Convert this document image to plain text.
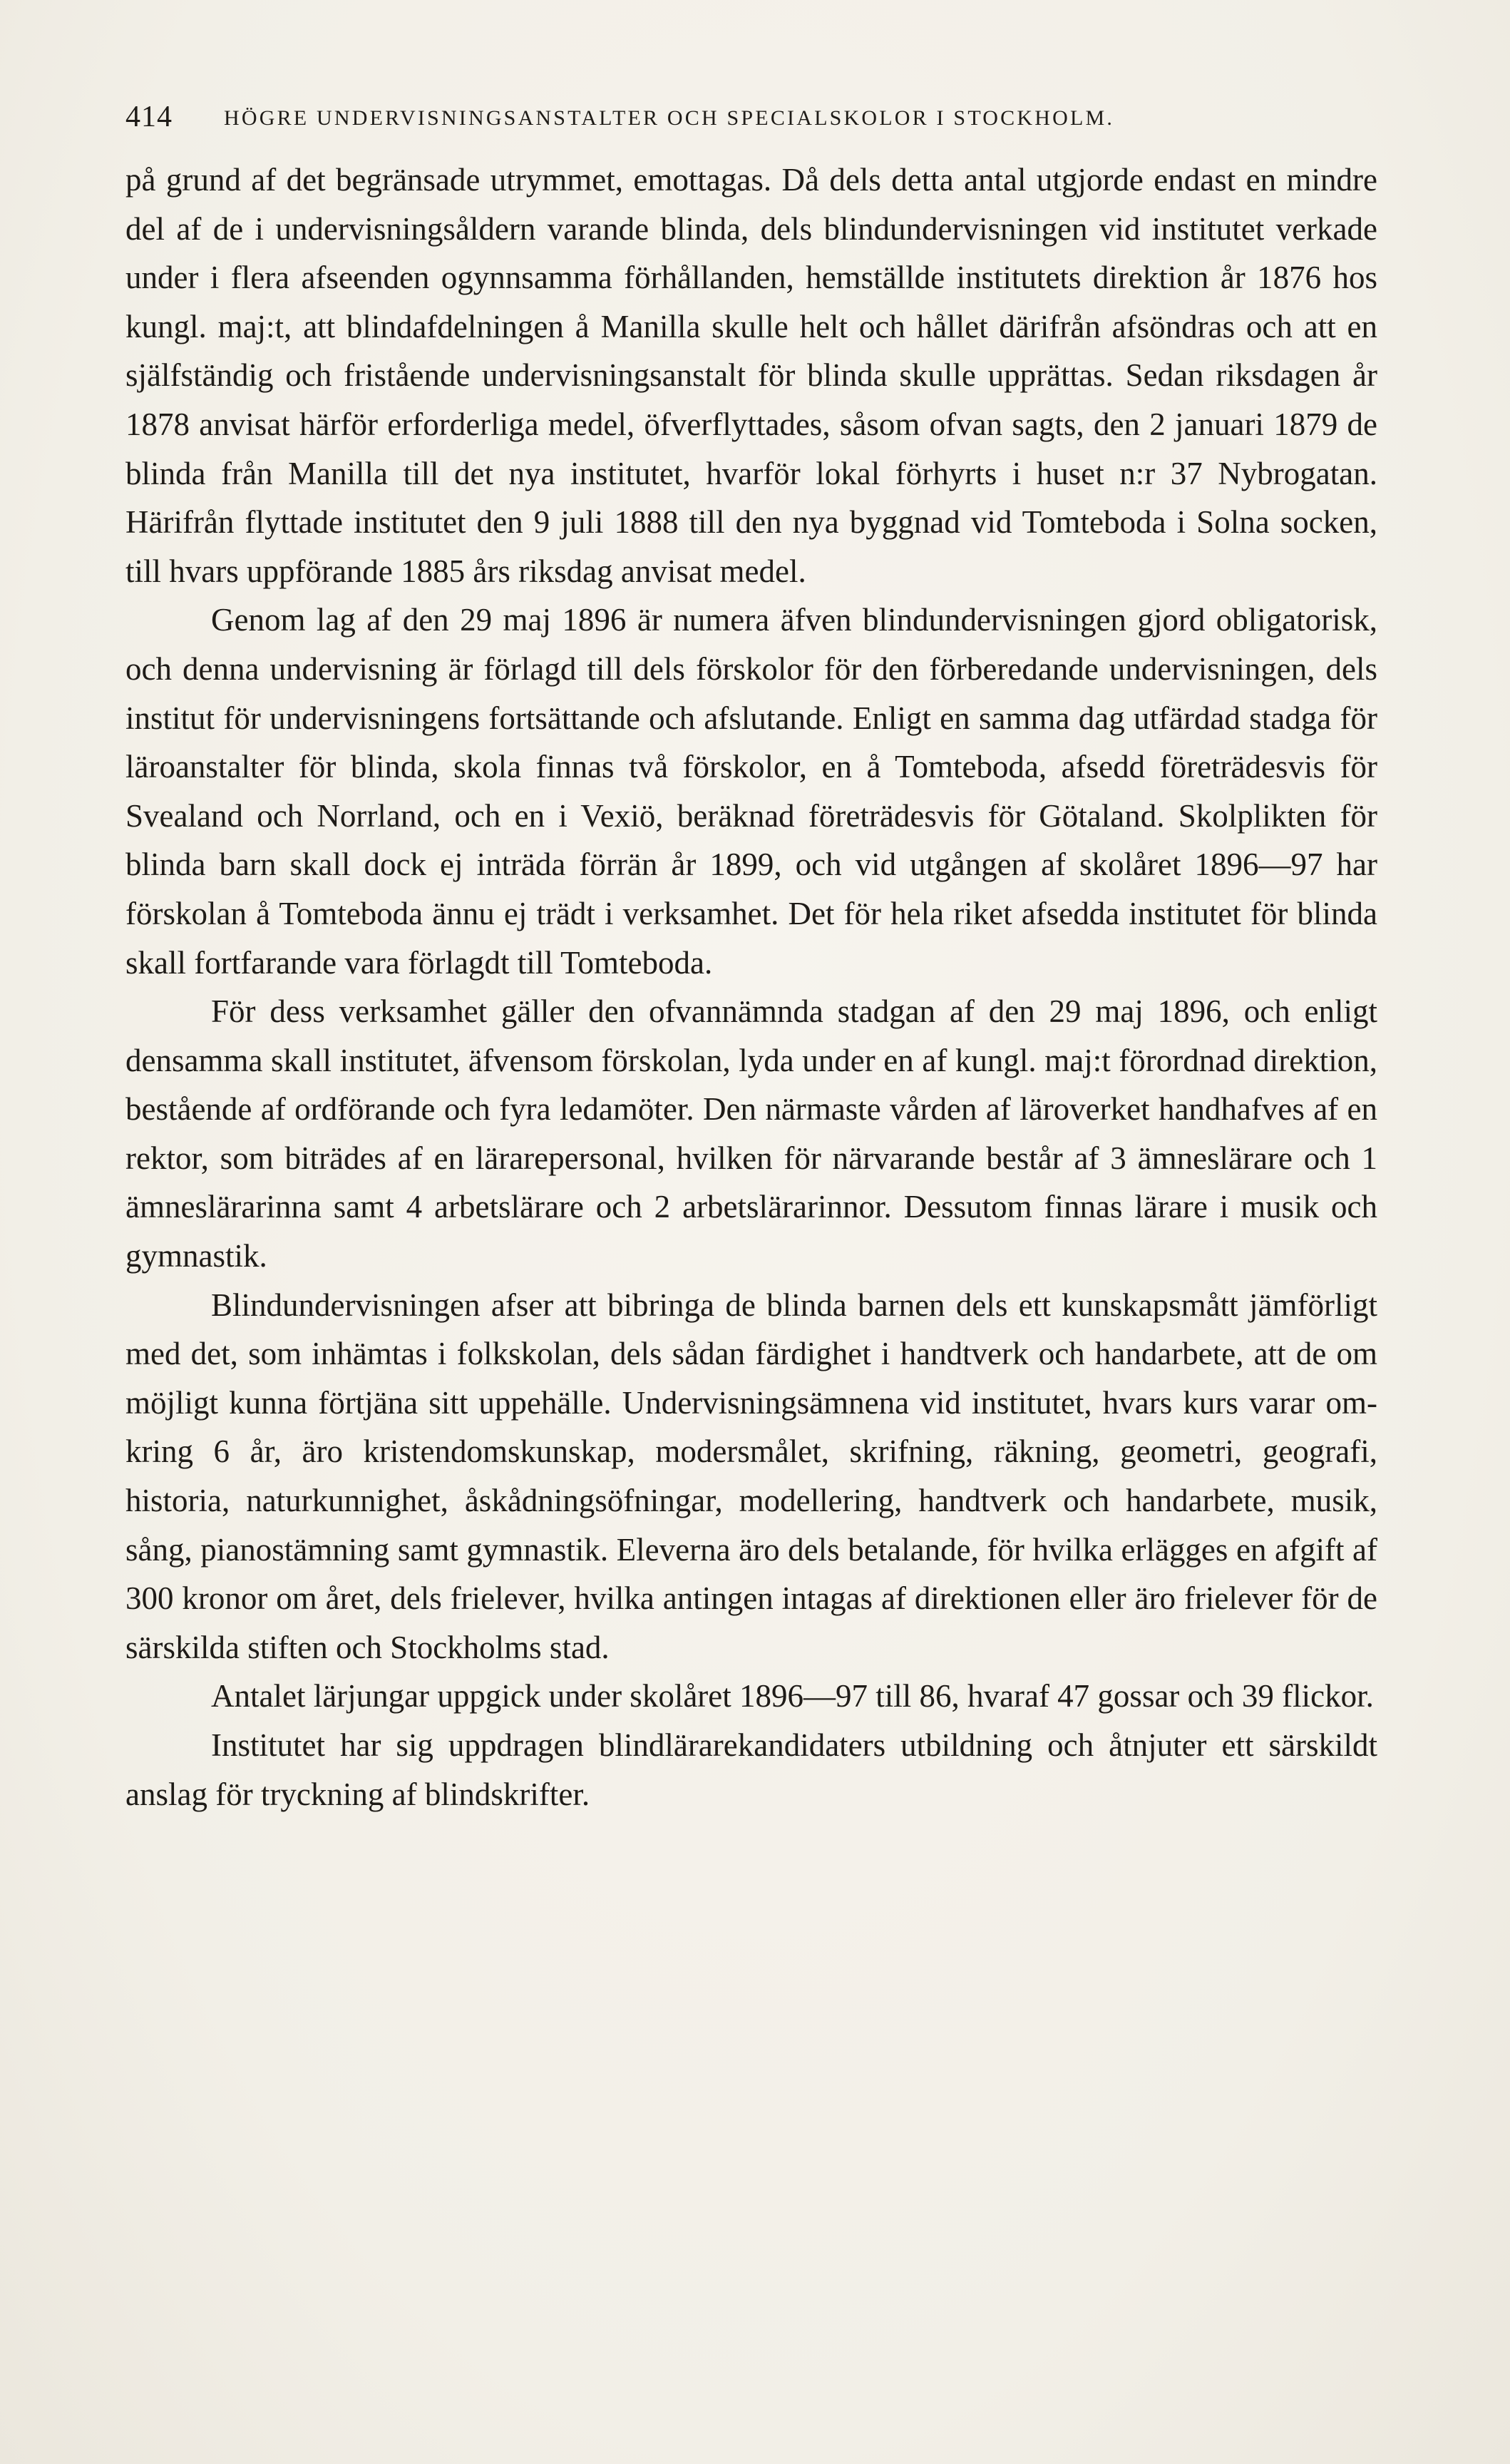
414 HÖGRE UNDERVISNINGSANSTALTER OCH SPECIALSKOLOR I STOCKHOLM.

på grund af det begränsade utrymmet, emottagas. Då dels detta antal utgjorde endast en mindre del af de i undervisningsåldern varande blinda, dels blindundervisningen vid institutet verkade under i flera afseenden ogynnsamma förhållanden, hemställde institutets direktion år 1876 hos kungl. maj:t, att blindafdelningen å Manilla skulle helt och hållet därifrån afsöndras och att en själfständig och fristående undervisningsanstalt för blinda skulle upprättas. Sedan riksdagen år 1878 anvisat härför erforderliga medel, öfverflyttades, såsom ofvan sagts, den 2 januari 1879 de blinda från Manilla till det nya institutet, hvarför lokal förhyrts i huset n:r 37 Nybrogatan. Härifrån flyttade institutet den 9 juli 1888 till den nya byggnad vid Tomteboda i Solna socken, till hvars uppförande 1885 års riksdag anvisat medel.

Genom lag af den 29 maj 1896 är numera äfven blindundervisningen gjord obligatorisk, och denna undervisning är förlagd till dels förskolor för den förberedande undervisningen, dels institut för undervisningens fortsättande och afslutande. Enligt en samma dag utfärdad stadga för läroanstalter för blinda, skola finnas två förskolor, en å Tomteboda, afsedd företrädesvis för Svealand och Norrland, och en i Vexiö, beräknad företrädesvis för Götaland. Skolplikten för blinda barn skall dock ej inträda förrän år 1899, och vid utgången af skolåret 1896—97 har förskolan å Tomteboda ännu ej trädt i verksamhet. Det för hela riket afsedda institutet för blinda skall fortfarande vara förlagdt till Tomteboda.

För dess verksamhet gäller den ofvannämnda stadgan af den 29 maj 1896, och enligt densamma skall institutet, äfvensom förskolan, lyda under en af kungl. maj:t förordnad direktion, bestående af ordförande och fyra ledamöter. Den närmaste vården af läroverket handhafves af en rektor, som biträdes af en lärarepersonal, hvilken för närvarande består af 3 ämneslärare och 1 ämneslärarinna samt 4 arbetslärare och 2 arbetslärarinnor. Dessutom finnas lärare i musik och gymnastik.

Blindundervisningen afser att bibringa de blinda barnen dels ett kunskapsmått jämförligt med det, som inhämtas i folkskolan, dels sådan färdighet i handtverk och handarbete, att de om möjligt kunna förtjäna sitt uppehälle. Undervisningsämnena vid institutet, hvars kurs varar omkring 6 år, äro kristendomskunskap, modersmålet, skrifning, räkning, geometri, geografi, historia, naturkunnighet, åskådningsöfningar, modellering, handtverk och handarbete, musik, sång, pianostämning samt gymnastik. Eleverna äro dels betalande, för hvilka erlägges en afgift af 300 kronor om året, dels frielever, hvilka antingen intagas af direktionen eller äro frielever för de särskilda stiften och Stockholms stad.

Antalet lärjungar uppgick under skolåret 1896—97 till 86, hvaraf 47 gossar och 39 flickor.

Institutet har sig uppdragen blindlärarekandidaters utbildning och åtnjuter ett särskildt anslag för tryckning af blindskrifter.
